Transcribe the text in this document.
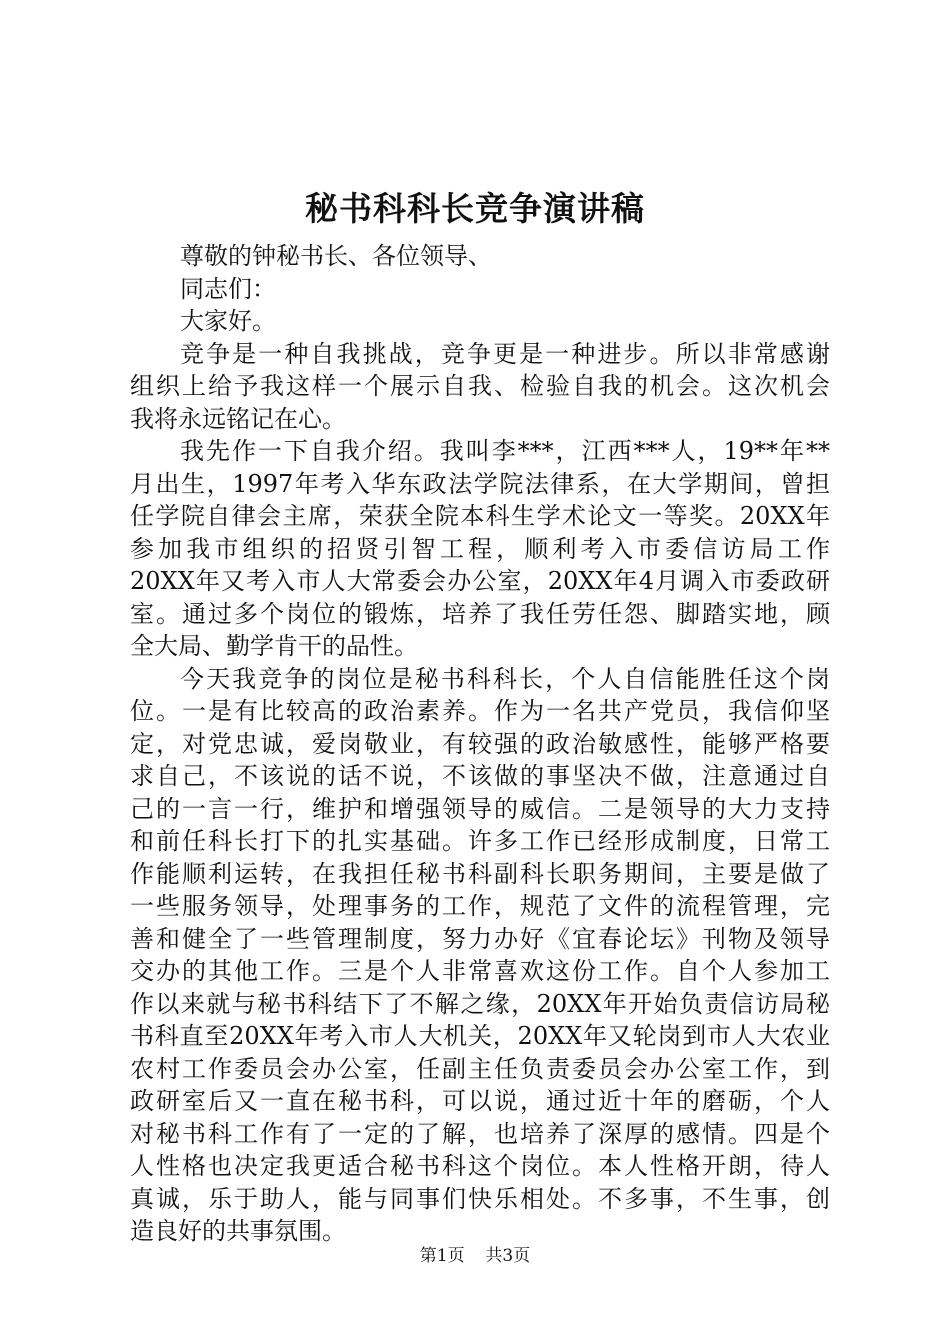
秘书科科长竞争演讲稿
尊敬的钟秘书长、各位领导、
同志们：
大家好。
竞争是一种自我挑战，竞争更是一种进步。所以非常感谢
组织上给予我这样一个展示自我、检验自我的机会。这次机会
我将永远铭记在心。
我先作一下自我介绍。我叫李***，江西***人，19**年**
月出生，1997年考入华东政法学院法律系，在大学期间，曾担
任学院自律会主席，荣获全院本科生学术论文一等奖。20XX年
参加我市组织的招贤引智工程，顺利考入市委信访局工作
20XX年又考入市人大常委会办公室，20XX年4月调入市委政研
室。通过多个岗位的锻炼，培养了我任劳任怨、脚踏实地，顾
全大局、勤学肯干的品性。
今天我竞争的岗位是秘书科科长，个人自信能胜任这个岗
位。一是有比较高的政治素养。作为一名共产党员，我信仰坚
定，对党忠诚，爱岗敬业，有较强的政治敏感性，能够严格要
求自己，不该说的话不说，不该做的事坚决不做，注意通过自
己的一言一行，维护和增强领导的威信。二是领导的大力支持
和前任科长打下的扎实基础。许多工作已经形成制度，日常工
作能顺利运转，在我担任秘书科副科长职务期间，主要是做了
一些服务领导，处理事务的工作，规范了文件的流程管理，完
善和健全了一些管理制度，努力办好《宜春论坛》刊物及领导
交办的其他工作。三是个人非常喜欢这份工作。自个人参加工
作以来就与秘书科结下了不解之缘，20XX年开始负责信访局秘
书科直至20XX年考入市人大机关，20XX年又轮岗到市人大农业
农村工作委员会办公室，任副主任负责委员会办公室工作，到
政研室后又一直在秘书科，可以说，通过近十年的磨砺，个人
对秘书科工作有了一定的了解，也培养了深厚的感情。四是个
人性格也决定我更适合秘书科这个岗位。本人性格开朗，待人
真诚，乐于助人，能与同事们快乐相处。不多事，不生事，创
造良好的共事氛围。
第1页 共3页
